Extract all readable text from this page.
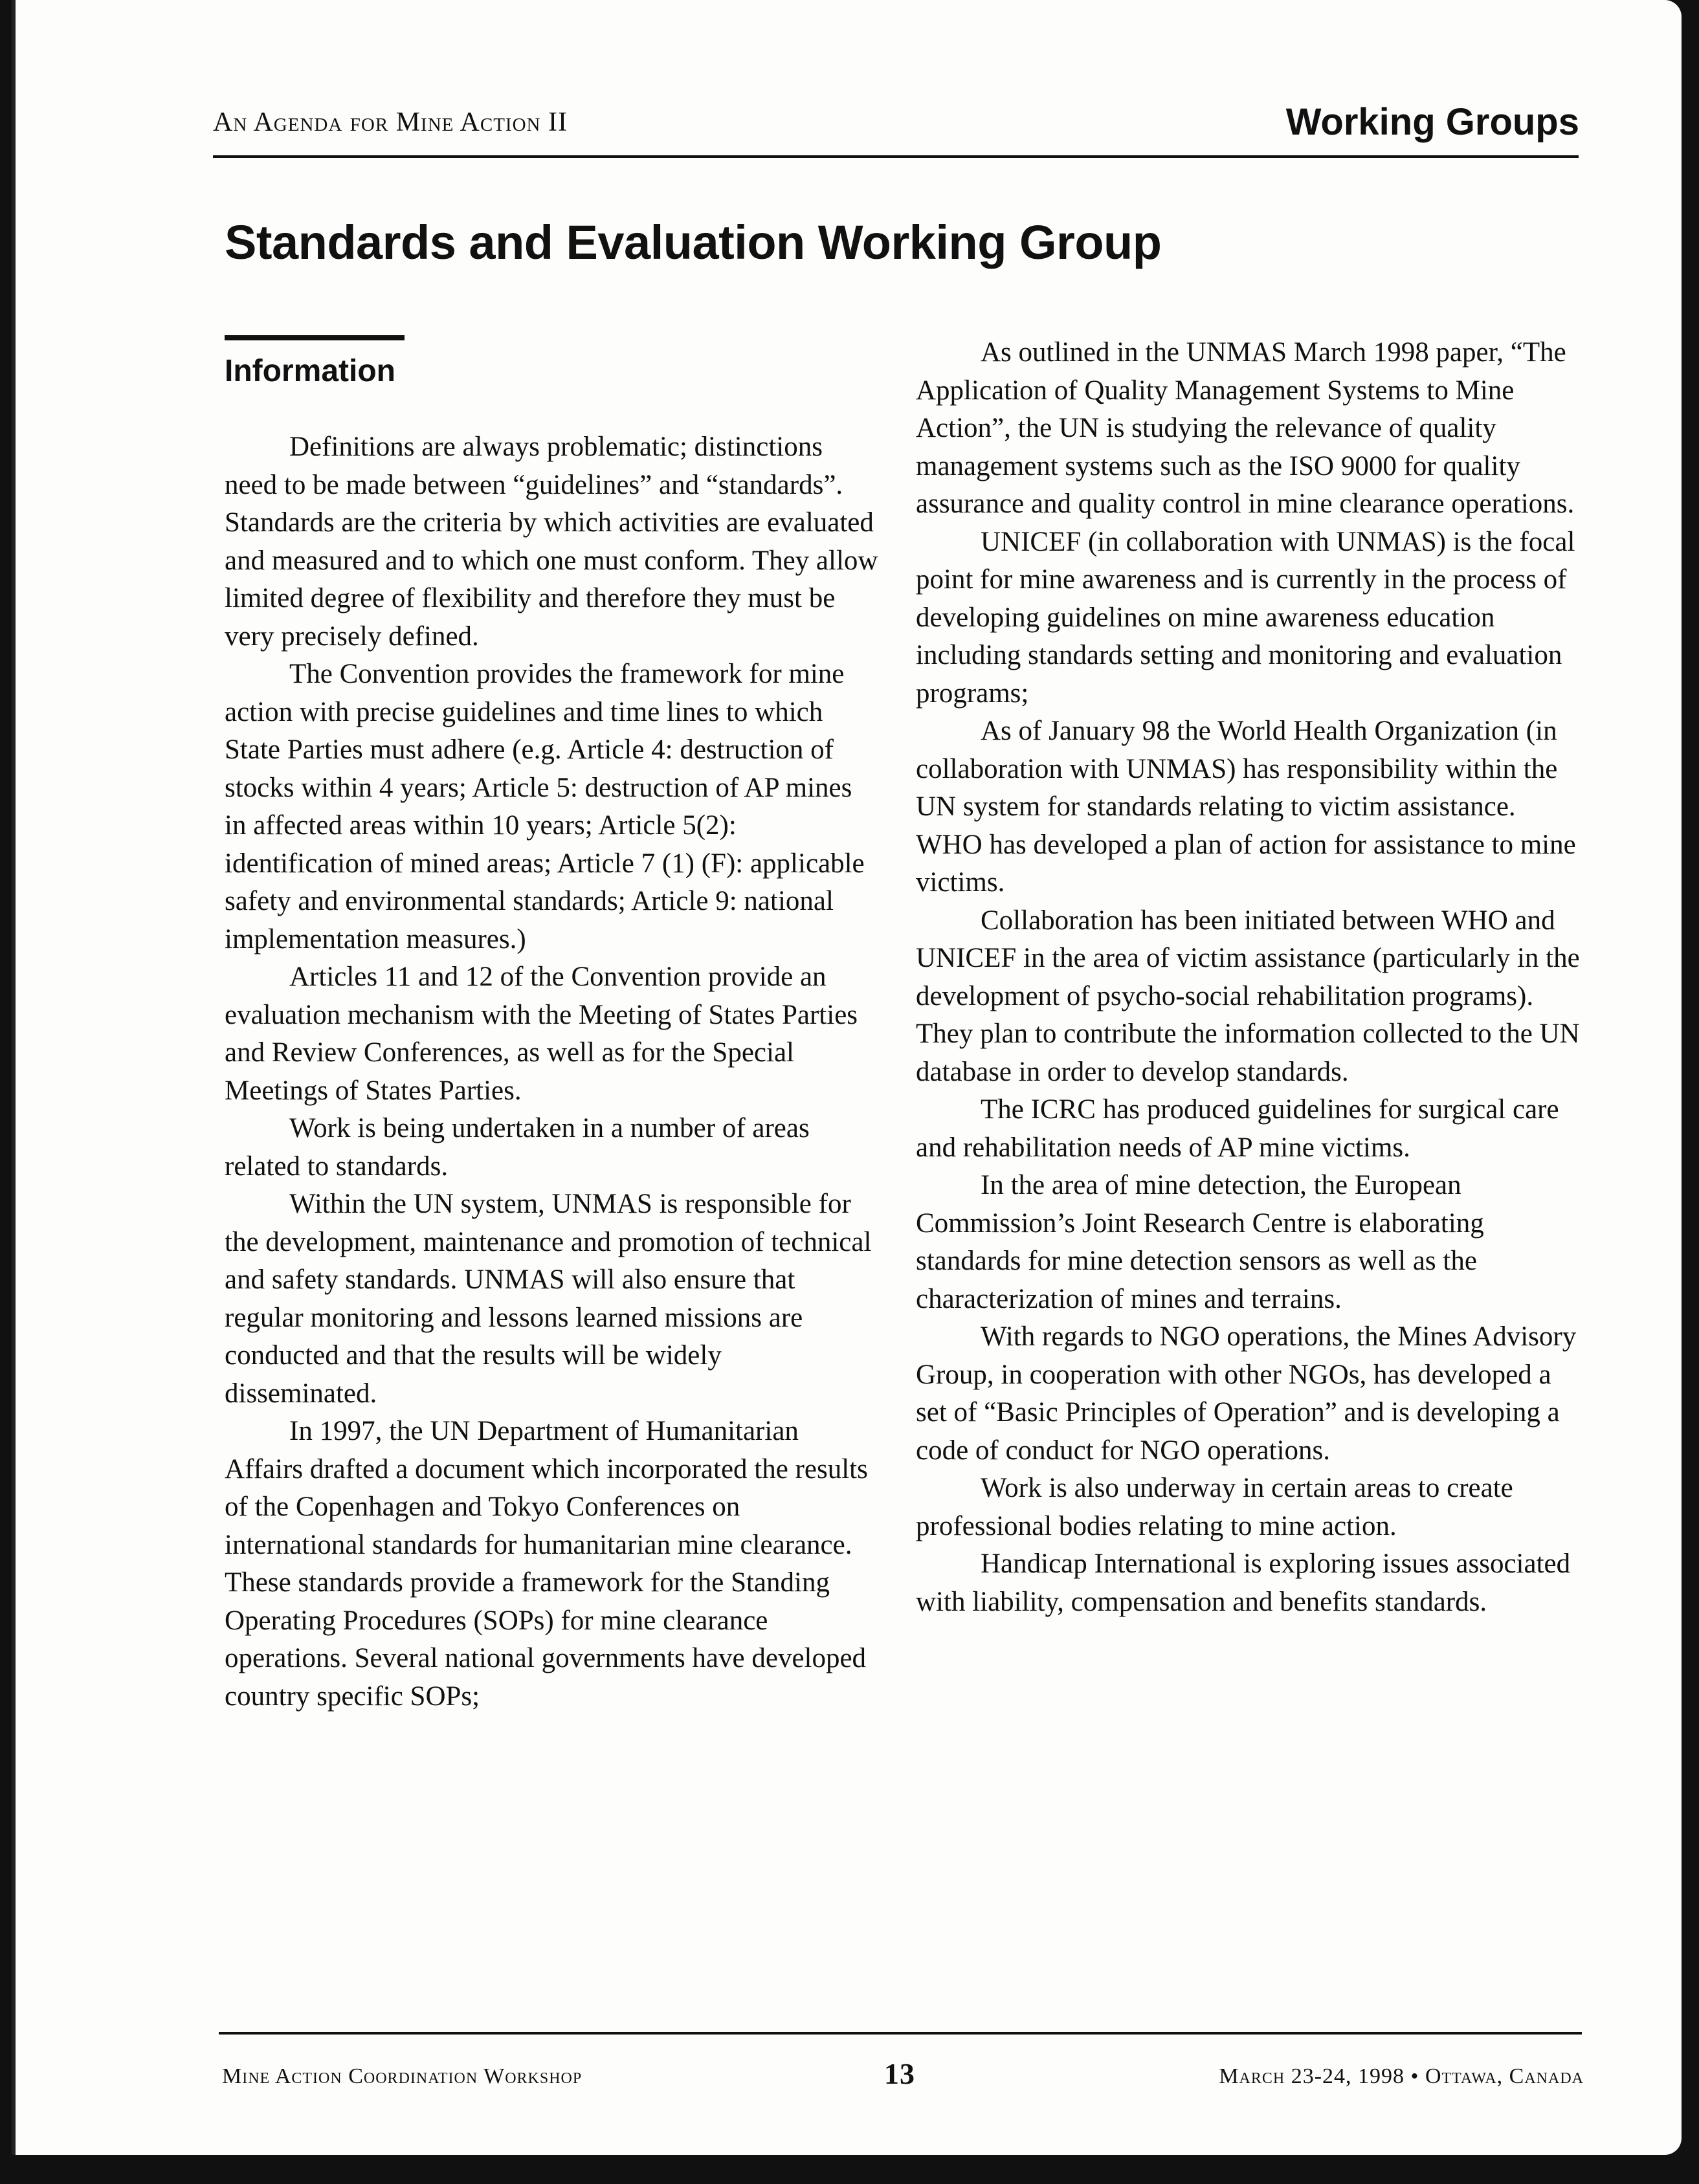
An Agenda for Mine Action II	Working Groups
Standards and Evaluation Working Group
Information

Definitions are always problematic; distinctions need to be made between “guidelines” and “standards”. Standards are the criteria by which activities are evaluated and measured and to which one must conform. They allow limited degree of flexibility and therefore they must be very precisely defined.

The Convention provides the framework for mine action with precise guidelines and time lines to which State Parties must adhere (e.g. Article 4: destruction of stocks within 4 years; Article 5: destruction of AP mines in affected areas within 10 years; Article 5(2): identification of mined areas; Article 7 (1) (F): applicable safety and environmental standards; Article 9: national implementation measures.)

Articles 11 and 12 of the Convention provide an evaluation mechanism with the Meeting of States Parties and Review Conferences, as well as for the Special Meetings of States Parties.

Work is being undertaken in a number of areas related to standards.

Within the UN system, UNMAS is responsible for the development, maintenance and promotion of technical and safety standards. UNMAS will also ensure that regular monitoring and lessons learned missions are conducted and that the results will be widely disseminated.

In 1997, the UN Department of Humanitarian Affairs drafted a document which incorporated the results of the Copenhagen and Tokyo Conferences on international standards for humanitarian mine clearance. These standards provide a framework for the Standing Operating Procedures (SOPs) for mine clearance operations. Several national governments have developed country specific SOPs;

As outlined in the UNMAS March 1998 paper, “The Application of Quality Management Systems to Mine Action”, the UN is studying the relevance of quality management systems such as the ISO 9000 for quality assurance and quality control in mine clearance operations.

UNICEF (in collaboration with UNMAS) is the focal point for mine awareness and is currently in the process of developing guidelines on mine awareness education including standards setting and monitoring and evaluation programs;

As of January 98 the World Health Organization (in collaboration with UNMAS) has responsibility within the UN system for standards relating to victim assistance. WHO has developed a plan of action for assistance to mine victims.

Collaboration has been initiated between WHO and UNICEF in the area of victim assistance (particularly in the development of psycho-social rehabilitation programs). They plan to contribute the information collected to the UN database in order to develop standards.

The ICRC has produced guidelines for surgical care and rehabilitation needs of AP mine victims.

In the area of mine detection, the European Commission’s Joint Research Centre is elaborating standards for mine detection sensors as well as the characterization of mines and terrains.

With regards to NGO operations, the Mines Advisory Group, in cooperation with other NGOs, has developed a set of “Basic Principles of Operation” and is developing a code of conduct for NGO operations.

Work is also underway in certain areas to create professional bodies relating to mine action.

Handicap International is exploring issues associated with liability, compensation and benefits standards.

Mine Action Coordination Workshop	13	March 23-24, 1998 • Ottawa, Canada
